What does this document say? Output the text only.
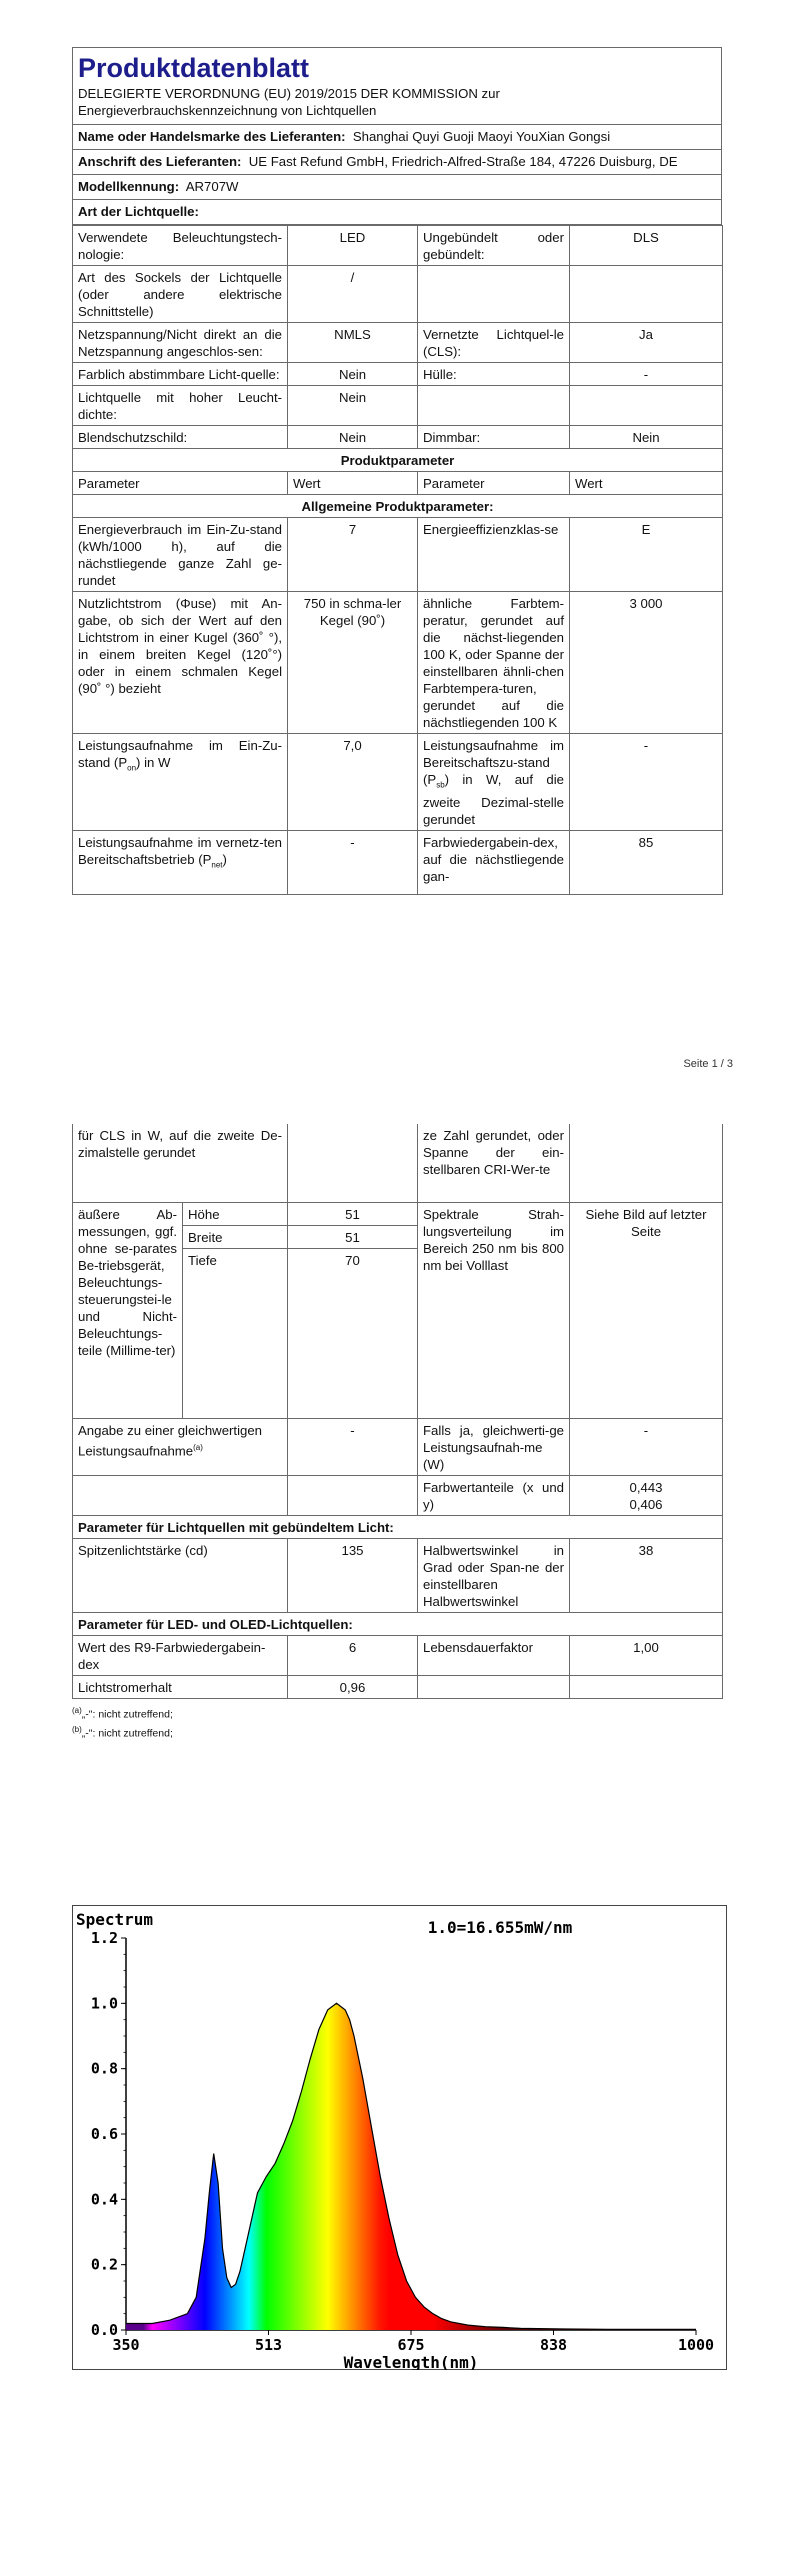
Produktdatenblatt
DELEGIERTE VERORDNUNG (EU) 2019/2015 DER KOMMISSION zur
Energieverbrauchskennzeichnung von Lichtquellen
Name oder Handelsmarke des Lieferanten: Shanghai Quyi Guoji Maoyi YouXian Gongsi
Anschrift des Lieferanten: UE Fast Refund GmbH, Friedrich-Alfred-Straße 184, 47226 Duisburg, DE
Modellkennung: AR707W
Art der Lichtquelle:
Verwendete Beleuchtungstech-nologie:	LED	Ungebündelt oder gebündelt:	DLS
Art des Sockels der Lichtquelle (oder andere elektrische Schnittstelle)	/		
Netzspannung/Nicht direkt an die Netzspannung angeschlos-sen:	NMLS	Vernetzte Lichtquel-le (CLS):	Ja
Farblich abstimmbare Licht-quelle:	Nein	Hülle:	-
Lichtquelle mit hoher Leucht-dichte:	Nein		
Blendschutzschild:	Nein	Dimmbar:	Nein
Produktparameter			
Parameter	Wert	Parameter	Wert
Allgemeine Produktparameter:			
Energieverbrauch im Ein-Zu-stand (kWh/1000 h), auf die nächstliegende ganze Zahl ge-rundet	7	Energieeffizienzklas-se	E
Nutzlichtstrom (Φuse) mit An-gabe, ob sich der Wert auf den Lichtstrom in einer Kugel (360˚ °), in einem breiten Kegel (120˚°) oder in einem schmalen Kegel (90˚ °) bezieht	750 in schma-ler Kegel (90˚)	ähnliche Farbtem-peratur, gerundet auf die nächst-liegenden 100 K, oder Spanne der einstellbaren ähnli-chen Farbtempera-turen, gerundet auf die nächstliegenden 100 K	3 000
Leistungsaufnahme im Ein-Zu-stand $(P_{on})$ in W	7,0	Leistungsaufnahme im Bereitschaftszu-stand $(P_{sb})$ in W, auf die zweite Dezimal-stelle gerundet	-
Leistungsaufnahme im vernetz-ten Bereitschaftsbetrieb $(P_{net})$	-	Farbwiedergabein-dex, auf die nächstliegende gan-	85
Seite 1 / 3
für CLS in W, auf die zweite De-zimalstelle gerundet			ze Zahl gerundet, oder Spanne der ein-stellbaren CRI-Wer-te	
äußere Ab-messungen, ggf. ohne se-parates Be-triebsgerät, Beleuchtungs-steuerungstei-le und Nicht-Beleuchtungs-teile (Millime-ter)	Höhe	51	Spektrale Strah-lungsverteilung im Bereich 250 nm bis 800 nm bei Volllast	Siehe Bild auf letzter Seite
	Breite	51		
	Tiefe	70		
Angabe zu einer gleichwertigen Leistungsaufnahme$^{(a)}$		-	Falls ja, gleichwerti-ge Leistungsaufnah-me (W)	-
			Farbwertanteile (x und y)	0,443
0,406

Parameter für Lichtquellen mit gebündeltem Licht:				
Spitzenlichtstärke (cd)		135	Halbwertswinkel in Grad oder Span-ne der einstellbaren Halbwertswinkel	38
Parameter für LED- und OLED-Lichtquellen:				
Wert des R9-Farbwiedergabein-dex		6	Lebensdauerfaktor	1,00
Lichtstromerhalt		0,96		
$^{(a)}$„-": nicht zutreffend;
$^{(b)}$„-": nicht zutreffend;
0.0
0.2
0.4
0.6
0.8
1.0
1.2
350	513	675	838	1000
Spectrum	1.0=16.655mW/nm
Wavelength(nm)
